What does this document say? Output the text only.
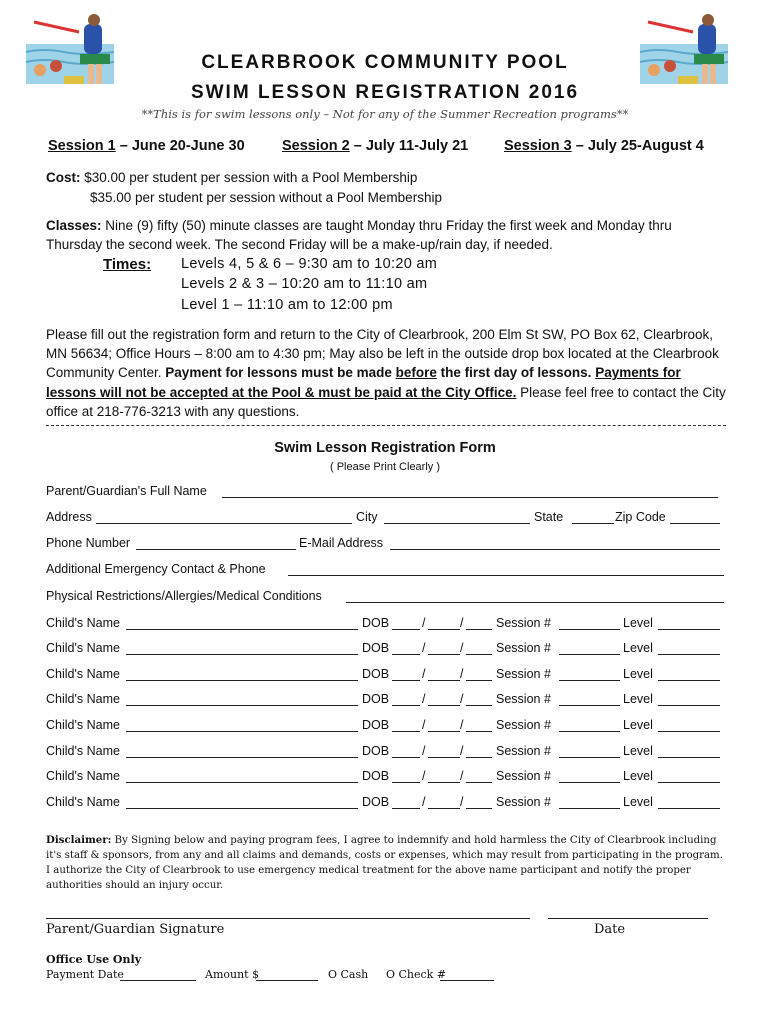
CLEARBROOK COMMUNITY POOL
SWIM LESSON REGISTRATION 2016
**This is for swim lessons only – Not for any of the Summer Recreation programs**
Session 1 – June 20-June 30	Session 2 – July 11-July 21 Session 3 – July 25-August 4
Cost: $30.00 per student per session with a Pool Membership
$35.00 per student per session without a Pool Membership
Classes: Nine (9) fifty (50) minute classes are taught Monday thru Friday the first week and Monday thru Thursday the second week. The second Friday will be a make-up/rain day, if needed.
Times: Levels 4, 5 & 6 – 9:30 am to 10:20 am
Levels 2 & 3 – 10:20 am to 11:10 am
Level 1 – 11:10 am to 12:00 pm
Please fill out the registration form and return to the City of Clearbrook, 200 Elm St SW, PO Box 62, Clearbrook, MN 56634; Office Hours – 8:00 am to 4:30 pm; May also be left in the outside drop box located at the Clearbrook Community Center. Payment for lessons must be made before the first day of lessons. Payments for lessons will not be accepted at the Pool & must be paid at the City Office. Please feel free to contact the City office at 218-776-3213 with any questions.
Swim Lesson Registration Form
( Please Print Clearly )
Parent/Guardian's Full Name
Address	City	State	Zip Code
Phone Number	E-Mail Address
Additional Emergency Contact & Phone
Physical Restrictions/Allergies/Medical Conditions
Child's Name	DOB	/	/	Session #	Level
Child's Name	DOB	/	/	Session #	Level
Child's Name	DOB	/	/	Session #	Level
Child's Name	DOB	/	/	Session #	Level
Child's Name	DOB	/	/	Session #	Level
Child's Name	DOB	/	/	Session #	Level
Child's Name	DOB	/	/	Session #	Level
Child's Name	DOB	/	/	Session #	Level
Disclaimer: By Signing below and paying program fees, I agree to indemnify and hold harmless the City of Clearbrook including it's staff & sponsors, from any and all claims and demands, costs or expenses, which may result from participating in the program. I authorize the City of Clearbrook to use emergency medical treatment for the above name participant and notify the proper authorities should an injury occur.
Parent/Guardian Signature	Date
Office Use Only
Payment Date	Amount $	O Cash O Check #
